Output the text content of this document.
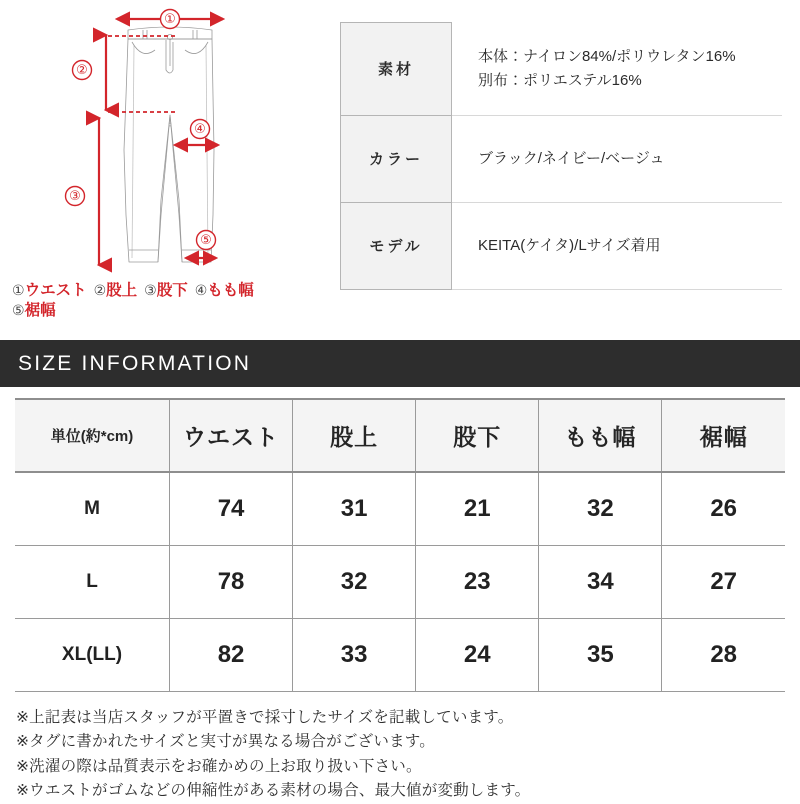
①
②
③
④
⑤
①ウエスト ②股上 ③股下 ④もも幅
⑤裾幅
素材	本体：ナイロン84%/ポリウレタン16%
別布：ポリエステル16%

カラー	ブラック/ネイビー/ベージュ
モデル	KEITA(ケイタ)/Lサイズ着用
SIZE INFORMATION
単位(約*cm)	ウエスト	股上	股下	もも幅	裾幅
M	74	31	21	32	26
L	78	32	23	34	27
XL(LL)	82	33	24	35	28
※上記表は当店スタッフが平置きで採寸したサイズを記載しています。
※タグに書かれたサイズと実寸が異なる場合がございます。
※洗濯の際は品質表示をお確かめの上お取り扱い下さい。
※ウエストがゴムなどの伸縮性がある素材の場合、最大値が変動します。
